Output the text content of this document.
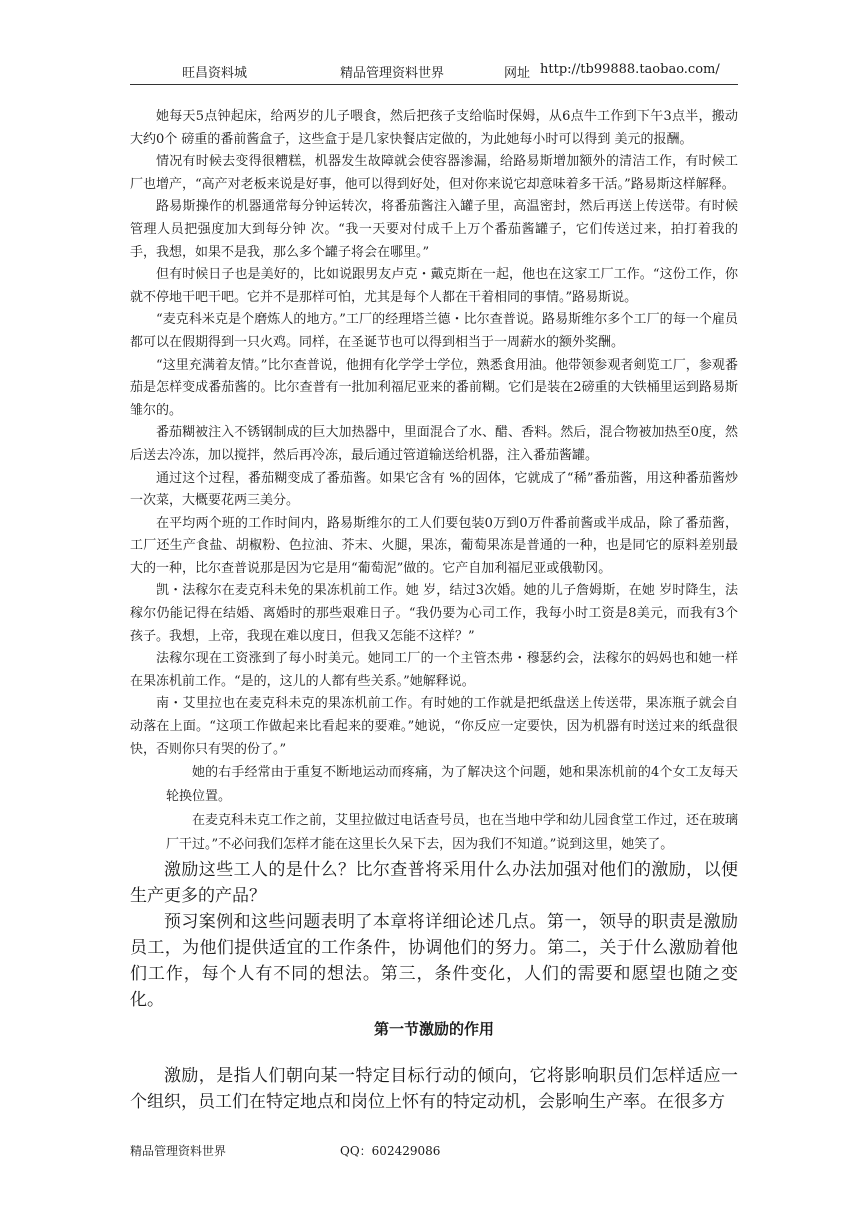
旺昌资料城	精品管理资料世界	网址 http://tb99888.taobao.com/

她每天5点钟起床，给两岁的儿子喂食，然后把孩子支给临时保姆，从6点牛工作到下午3点半，搬动大约0个 磅重的番前酱盒子，这些盒于是几家快餐店定做的，为此她每小时可以得到 美元的报酬。

情况有时候去变得很糟糕，机器发生故障就会使容器渗漏，给路易斯增加额外的清洁工作，有时候工厂也增产，“高产对老板来说是好事，他可以得到好处，但对你来说它却意味着多干活。”路易斯这样解释。

路易斯操作的机器通常每分钟运转次，将番茄酱注入罐子里，高温密封，然后再送上传送带。有时候管理人员把强度加大到每分钟 次。“我一天要对付成千上万个番茄酱罐子，它们传送过来，拍打着我的手，我想，如果不是我，那么多个罐子将会在哪里。”

但有时候日子也是美好的，比如说跟男友卢克・戴克斯在一起，他也在这家工厂工作。“这份工作，你就不停地干吧干吧。它并不是那样可怕，尤其是每个人都在干着相同的事情。”路易斯说。

“麦克科米克是个磨炼人的地方。”工厂的经理塔兰德・比尔查普说。路易斯维尔多个工厂的每一个雇员都可以在假期得到一只火鸡。同样，在圣诞节也可以得到相当于一周薪水的额外奖酬。

“这里充满着友情。”比尔查普说，他拥有化学学士学位，熟悉食用油。他带领参观者剣览工厂，参观番茄是怎样变成番茄酱的。比尔查普有一批加利福尼亚来的番前糊。它们是装在2磅重的大铁桶里运到路易斯雏尔的。

番茄糊被注入不锈钢制成的巨大加热器中，里面混合了水、醋、香料。然后，混合物被加热至0度，然后送去冷冻，加以搅拌，然后再冷冻，最后通过管道输送给机器，注入番茄酱罐。

通过这个过程，番茄糊变成了番茄酱。如果它含有 %的固体，它就成了“稀”番茄酱，用这种番茄酱炒一次菜，大概要花两三美分。

在平均两个班的工作时间内，路易斯维尔的工人们要包装0万到0万件番前酱或半成品，除了番茄酱，工厂还生产食盐、胡椒粉、色拉油、芥末、火腿，果冻，葡萄果冻是普通的一种，也是同它的原料差别最大的一种，比尔查普说那是因为它是用“葡萄泥”做的。它产自加利福尼亚或俄勒冈。

凯・法稼尔在麦克科未免的果冻机前工作。她 岁，结过3次婚。她的儿子詹姆斯，在她 岁时降生，法稼尔仍能记得在结婚、离婚时的那些艰难日子。“我仍要为心司工作，我每小时工资是8美元，而我有3个孩子。我想，上帝，我现在难以度日，但我又怎能不这样？”

法稼尔现在工资涨到了每小时美元。她同工厂的一个主管杰弗・穆瑟约会，法稼尔的妈妈也和她一样在果冻机前工作。“是的，这儿的人都有些关系。”她解释说。

南・艾里拉也在麦克科未克的果冻机前工作。有时她的工作就是把纸盘送上传送带，果冻瓶子就会自动落在上面。“这项工作做起来比看起来的要难。”她说，“你反应一定要快，因为机器有时送过来的纸盘很快，否则你只有哭的份了。”

她的右手经常由于重复不断地运动而疼痛，为了解决这个问题，她和果冻机前的4个女工友每天轮换位置。

在麦克科未克工作之前，艾里拉做过电话查号员，也在当地中学和幼儿园食堂工作过，还在玻璃厂干过。”不必问我们怎样才能在这里长久呆下去，因为我们不知道。”说到这里，她笑了。

激励这些工人的是什么？比尔查普将采用什么办法加强对他们的激励，以便生产更多的产品？

预习案例和这些问题表明了本章将详细论述几点。第一，领导的职责是激励员工，为他们提供适宜的工作条件，协调他们的努力。第二，关于什么激励着他们工作，每个人有不同的想法。第三，条件变化，人们的需要和愿望也随之变化。

第一节激励的作用

激励，是指人们朝向某一特定目标行动的倾向，它将影响职员们怎样适应一个组织，员工们在特定地点和岗位上怀有的特定动机，会影响生产率。在很多方

精品管理资料世界	QQ：602429086
